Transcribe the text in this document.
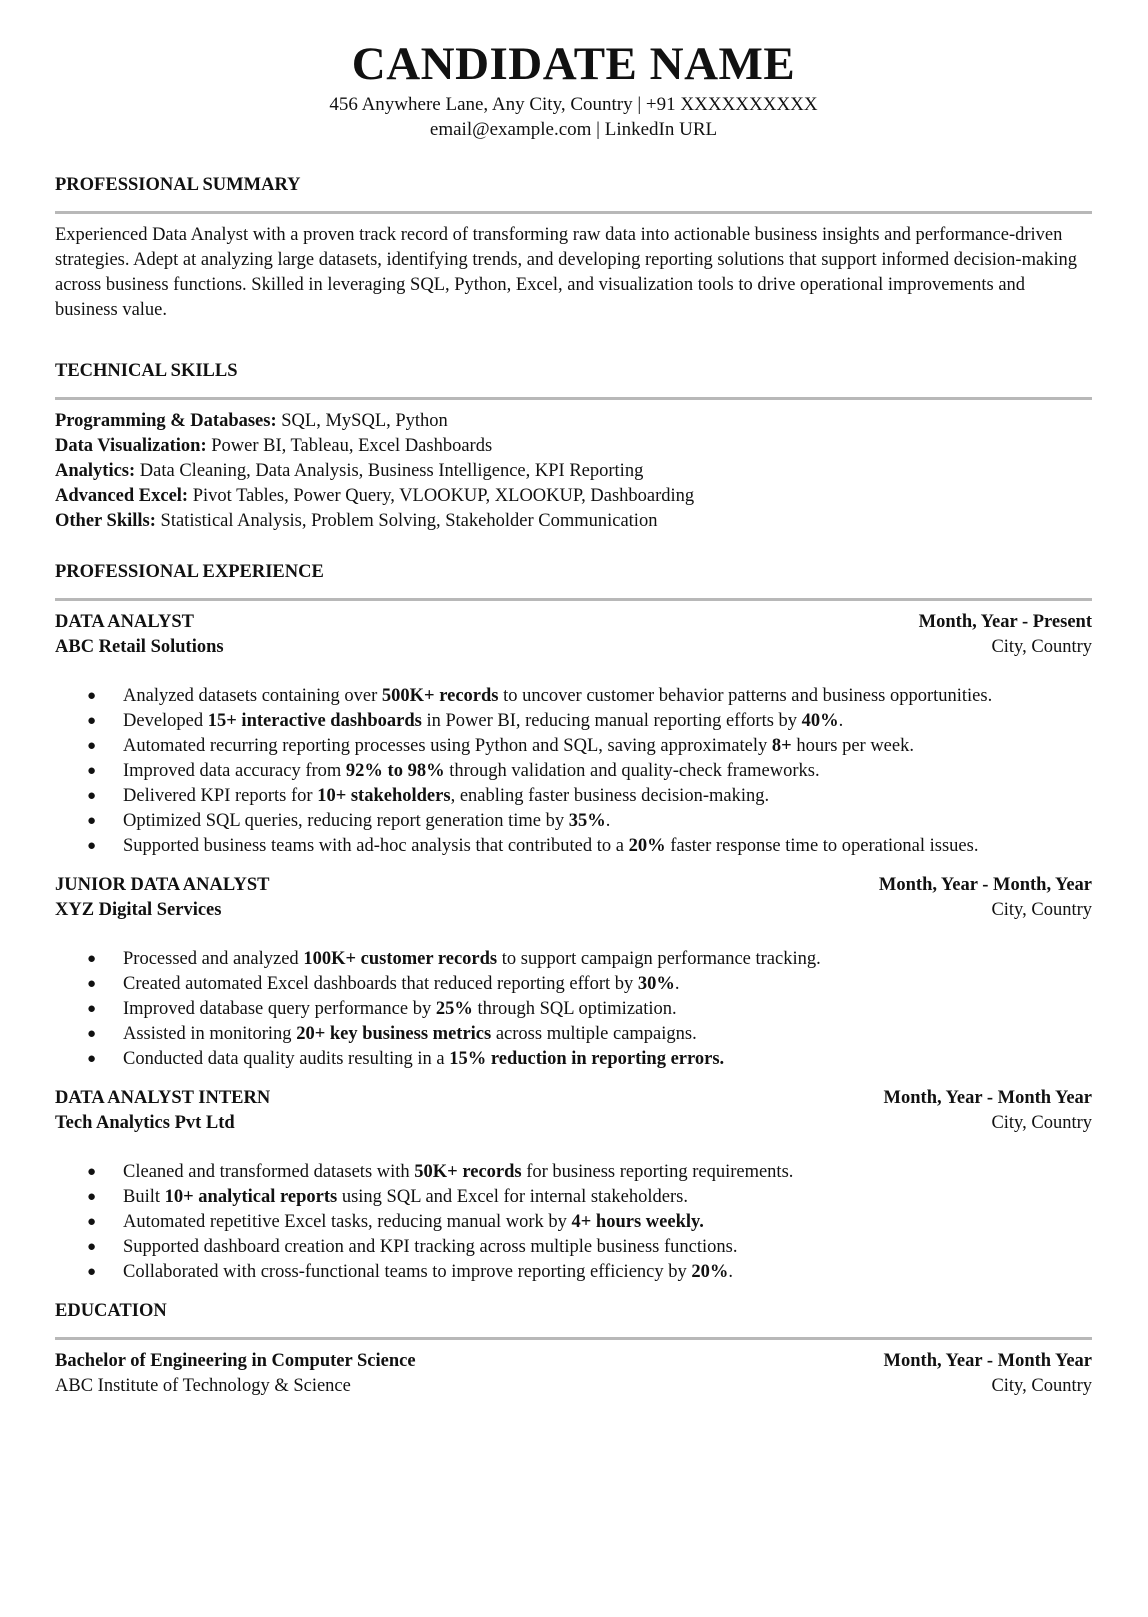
CANDIDATE NAME
456 Anywhere Lane, Any City, Country | +91 XXXXXXXXXX
email@example.com | LinkedIn URL
PROFESSIONAL SUMMARY
Experienced Data Analyst with a proven track record of transforming raw data into actionable business insights and performance-driven strategies. Adept at analyzing large datasets, identifying trends, and developing reporting solutions that support informed decision-making across business functions. Skilled in leveraging SQL, Python, Excel, and visualization tools to drive operational improvements and business value.
TECHNICAL SKILLS
Programming & Databases: SQL, MySQL, Python
Data Visualization: Power BI, Tableau, Excel Dashboards
Analytics: Data Cleaning, Data Analysis, Business Intelligence, KPI Reporting
Advanced Excel: Pivot Tables, Power Query, VLOOKUP, XLOOKUP, Dashboarding
Other Skills: Statistical Analysis, Problem Solving, Stakeholder Communication
PROFESSIONAL EXPERIENCE
DATA ANALYST	Month, Year - Present
ABC Retail Solutions	City, Country
● Analyzed datasets containing over 500K+ records to uncover customer behavior patterns and business opportunities.
● Developed 15+ interactive dashboards in Power BI, reducing manual reporting efforts by 40%.
● Automated recurring reporting processes using Python and SQL, saving approximately 8+ hours per week.
● Improved data accuracy from 92% to 98% through validation and quality-check frameworks.
● Delivered KPI reports for 10+ stakeholders, enabling faster business decision-making.
● Optimized SQL queries, reducing report generation time by 35%.
● Supported business teams with ad-hoc analysis that contributed to a 20% faster response time to operational issues.
JUNIOR DATA ANALYST	Month, Year - Month, Year
XYZ Digital Services	City, Country
● Processed and analyzed 100K+ customer records to support campaign performance tracking.
● Created automated Excel dashboards that reduced reporting effort by 30%.
● Improved database query performance by 25% through SQL optimization.
● Assisted in monitoring 20+ key business metrics across multiple campaigns.
● Conducted data quality audits resulting in a 15% reduction in reporting errors.
DATA ANALYST INTERN	Month, Year - Month Year
Tech Analytics Pvt Ltd	City, Country
● Cleaned and transformed datasets with 50K+ records for business reporting requirements.
● Built 10+ analytical reports using SQL and Excel for internal stakeholders.
● Automated repetitive Excel tasks, reducing manual work by 4+ hours weekly.
● Supported dashboard creation and KPI tracking across multiple business functions.
● Collaborated with cross-functional teams to improve reporting efficiency by 20%.
EDUCATION
Bachelor of Engineering in Computer Science	Month, Year - Month Year
ABC Institute of Technology & Science	City, Country
